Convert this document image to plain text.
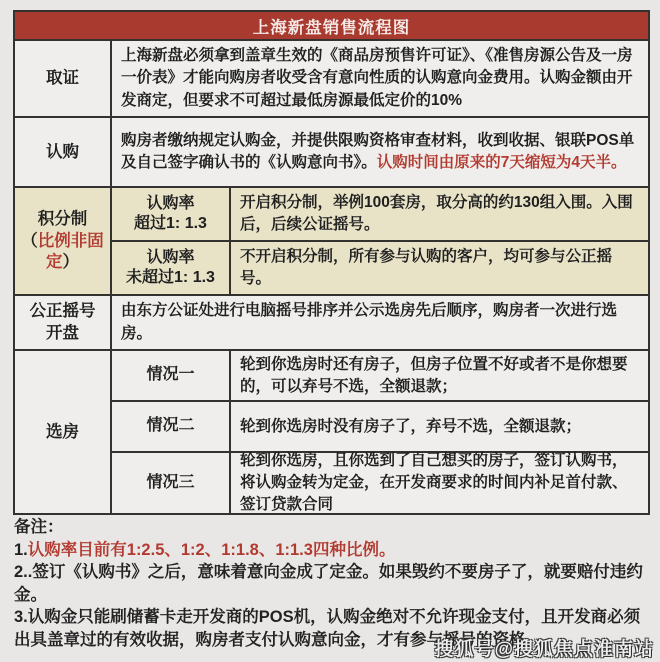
上海新盘销售流程图
取证
上海新盘必须拿到盖章生效的《商品房预售许可证》、《准售房源公告及一房一价表》才能向购房者收受含有意向性质的认购意向金费用。认购金额由开发商定，但要求不可超过最低房源最低定价的10%
认购
购房者缴纳规定认购金，并提供限购资格审查材料，收到收据、银联POS单及自己签字确认书的《认购意向书》。认购时间由原来的7天缩短为4天半。
积分制
（比例非固定）
认购率
超过1: 1.3
开启积分制，举例100套房，取分高的约130组入围。入围后，后续公证摇号。
认购率
未超过1: 1.3
不开启积分制，所有参与认购的客户，均可参与公正摇号。
公正摇号
开盘
由东方公证处进行电脑摇号排序并公示选房先后顺序，购房者一次进行选房。
选房
情况一
轮到你选房时还有房子，但房子位置不好或者不是你想要的，可以弃号不选，全额退款；
情况二	轮到你选房时没有房子了，弃号不选，全额退款；
情况三
轮到你选房，且你选到了自己想买的房子，签订认购书，将认购金转为定金，在开发商要求的时间内补足首付款、签订贷款合同

备注：

1.认购率目前有1:2.5、1:2、1:1.8、1:1.3四种比例。

2..签订《认购书》之后，意味着意向金成了定金。如果毁约不要房子了，就要赔付违约金。

3.认购金只能刷储蓄卡走开发商的POS机，认购金绝对不允许现金支付，且开发商必须出具盖章过的有效收据，购房者支付认购意向金，才有参与摇号的资格。

搜狐号@搜狐焦点淮南站
